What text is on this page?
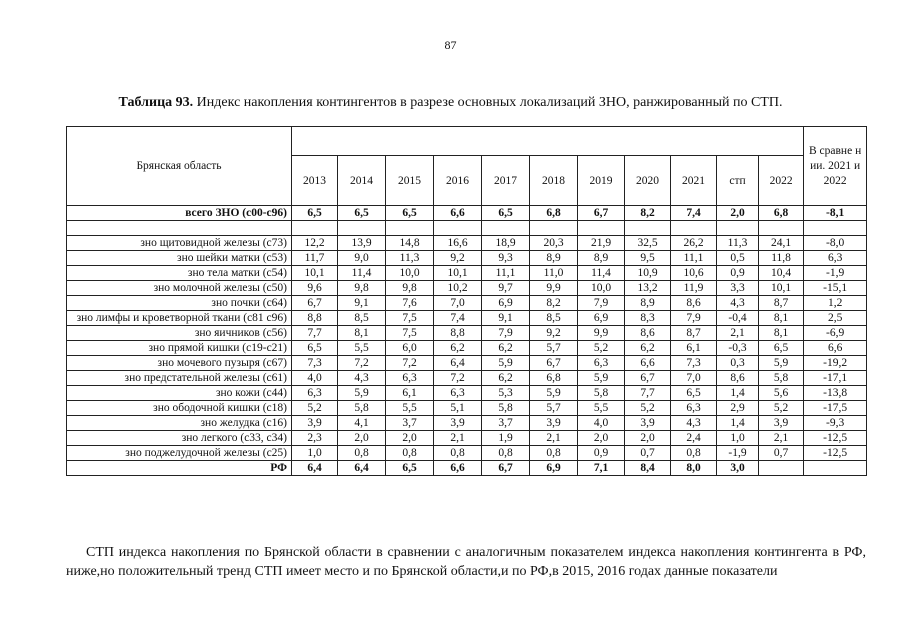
87
Таблица 93. Индекс накопления контингентов в разрезе основных локализаций ЗНО, ранжированный по СТП.
Брянская область												В сравне нии. 2021 и 2022
	2013	2014	2015	2016	2017	2018	2019	2020	2021	стп	2022	
всего ЗНО (с00-с96)	6,5	6,5	6,5	6,6	6,5	6,8	6,7	8,2	7,4	2,0	6,8	-8,1

зно щитовидной железы (с73)	12,2	13,9	14,8	16,6	18,9	20,3	21,9	32,5	26,2	11,3	24,1	-8,0
зно шейки матки (с53)	11,7	9,0	11,3	9,2	9,3	8,9	8,9	9,5	11,1	0,5	11,8	6,3
зно тела матки (с54)	10,1	11,4	10,0	10,1	11,1	11,0	11,4	10,9	10,6	0,9	10,4	-1,9
зно молочной железы (с50)	9,6	9,8	9,8	10,2	9,7	9,9	10,0	13,2	11,9	3,3	10,1	-15,1
зно почки (с64)	6,7	9,1	7,6	7,0	6,9	8,2	7,9	8,9	8,6	4,3	8,7	1,2
зно лимфы и кроветворной ткани (с81 с96)	8,8	8,5	7,5	7,4	9,1	8,5	6,9	8,3	7,9	-0,4	8,1	2,5
зно яичников (с56)	7,7	8,1	7,5	8,8	7,9	9,2	9,9	8,6	8,7	2,1	8,1	-6,9
зно прямой кишки (с19-с21)	6,5	5,5	6,0	6,2	6,2	5,7	5,2	6,2	6,1	-0,3	6,5	6,6
зно мочевого пузыря (с67)	7,3	7,2	7,2	6,4	5,9	6,7	6,3	6,6	7,3	0,3	5,9	-19,2
зно предстательной железы (с61)	4,0	4,3	6,3	7,2	6,2	6,8	5,9	6,7	7,0	8,6	5,8	-17,1
зно кожи (с44)	6,3	5,9	6,1	6,3	5,3	5,9	5,8	7,7	6,5	1,4	5,6	-13,8
зно ободочной кишки (с18)	5,2	5,8	5,5	5,1	5,8	5,7	5,5	5,2	6,3	2,9	5,2	-17,5
зно желудка (с16)	3,9	4,1	3,7	3,9	3,7	3,9	4,0	3,9	4,3	1,4	3,9	-9,3
зно легкого (с33, с34)	2,3	2,0	2,0	2,1	1,9	2,1	2,0	2,0	2,4	1,0	2,1	-12,5
зно поджелудочной железы (с25)	1,0	0,8	0,8	0,8	0,8	0,8	0,9	0,7	0,8	-1,9	0,7	-12,5
РФ	6,4	6,4	6,5	6,6	6,7	6,9	7,1	8,4	8,0	3,0		
СТП индекса накопления по Брянской области в сравнении с аналогичным показателем индекса накопления контингента в РФ, ниже,но положительный тренд СТП имеет место и по Брянской области,и по РФ,в 2015, 2016 годах данные показатели
